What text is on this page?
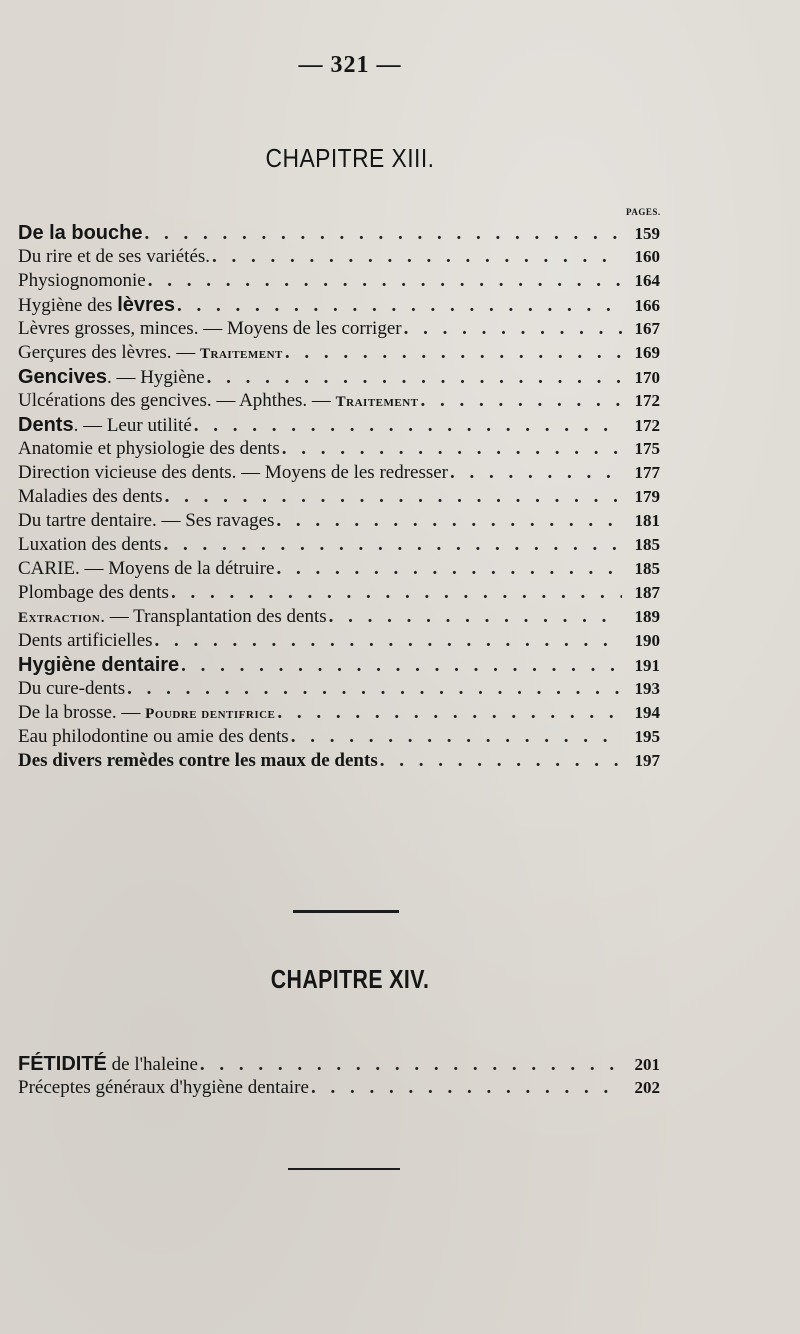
— 321 —
CHAPITRE XIII.
PAGES.
De la bouche . . .	159
Du rire et de ses variétés. . . .	160
Physiognomonie . . .	164
Hygiène des lèvres . . .	166
Lèvres grosses, minces. — Moyens de les corriger . . .	167
Gerçures des lèvres. — Traitement . . .	169
Gencives. — Hygiène . . .	170
Ulcérations des gencives. — Aphthes. — Traitement . . .	172
Dents. — Leur utilité . . .	172
Anatomie et physiologie des dents . . .	175
Direction vicieuse des dents. — Moyens de les redresser . . .	177
Maladies des dents . . .	179
Du tartre dentaire. — Ses ravages . . .	181
Luxation des dents . . .	185
CARIE. — Moyens de la détruire . . .	185
Plombage des dents . . .	187
Extraction. — Transplantation des dents . . .	189
Dents artificielles . . .	190
Hygiène dentaire . . .	191
Du cure-dents . . .	193
De la brosse. — Poudre dentifrice . . .	194
Eau philodontine ou amie des dents . . .	195
Des divers remèdes contre les maux de dents . . .	197
CHAPITRE XIV.
FÉTIDITÉ de l'haleine . . .	201
Préceptes généraux d'hygiène dentaire . . .	202
